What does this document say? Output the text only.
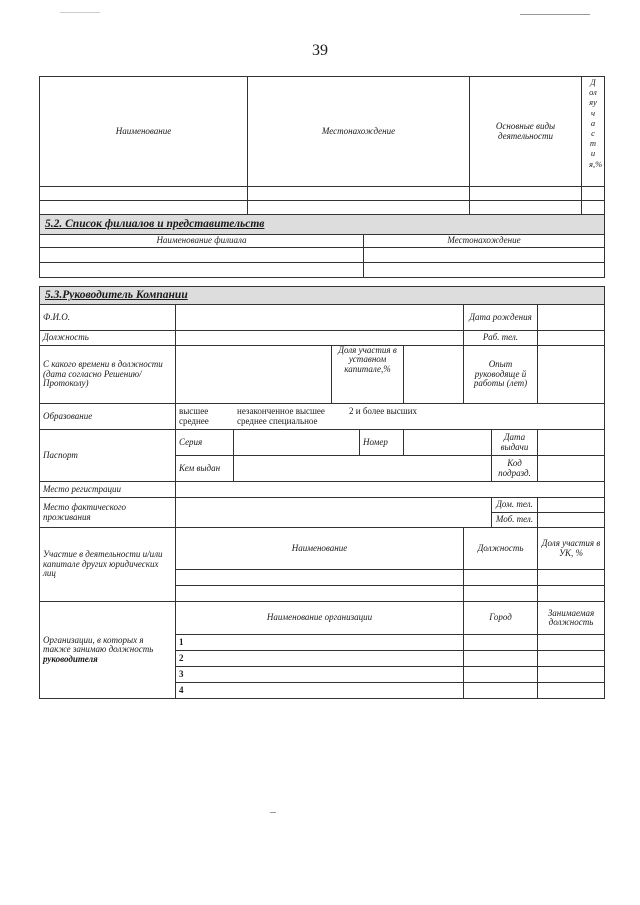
39
Наименование	Местонахождение	Основные виды деятельности	Доляучастия,%

5.2. Список филиалов и представительств	
Наименование филиала	Местонахождение

5.3.Руководитель Компании								
Ф.И.О.						Дата рождения		
Должность						Раб. тел.		
С какого времени в должности (дата согласно Решению/Протоколу)			Доля участия в уставном капитале,%			Опыт руководяще й работы (лет)		
Образование	высшее незаконченное высшее 2 и более высших
среднее среднее специальное							

Паспорт	Серия			Номер			Дата выдачи	
	Кем выдан						Код подразд.	
Место регистрации								
Место фактического проживания							Дом. тел.	
							Моб. тел.	
Участие в деятельности и/или капитале других юридических лиц	Наименование					Должность		Доля участия в УК, %

Организации, в которых я также занимаю должность руководителя	Наименование организации					Город		Занимаемая должность
	1							
	2							
	3							
	4							
